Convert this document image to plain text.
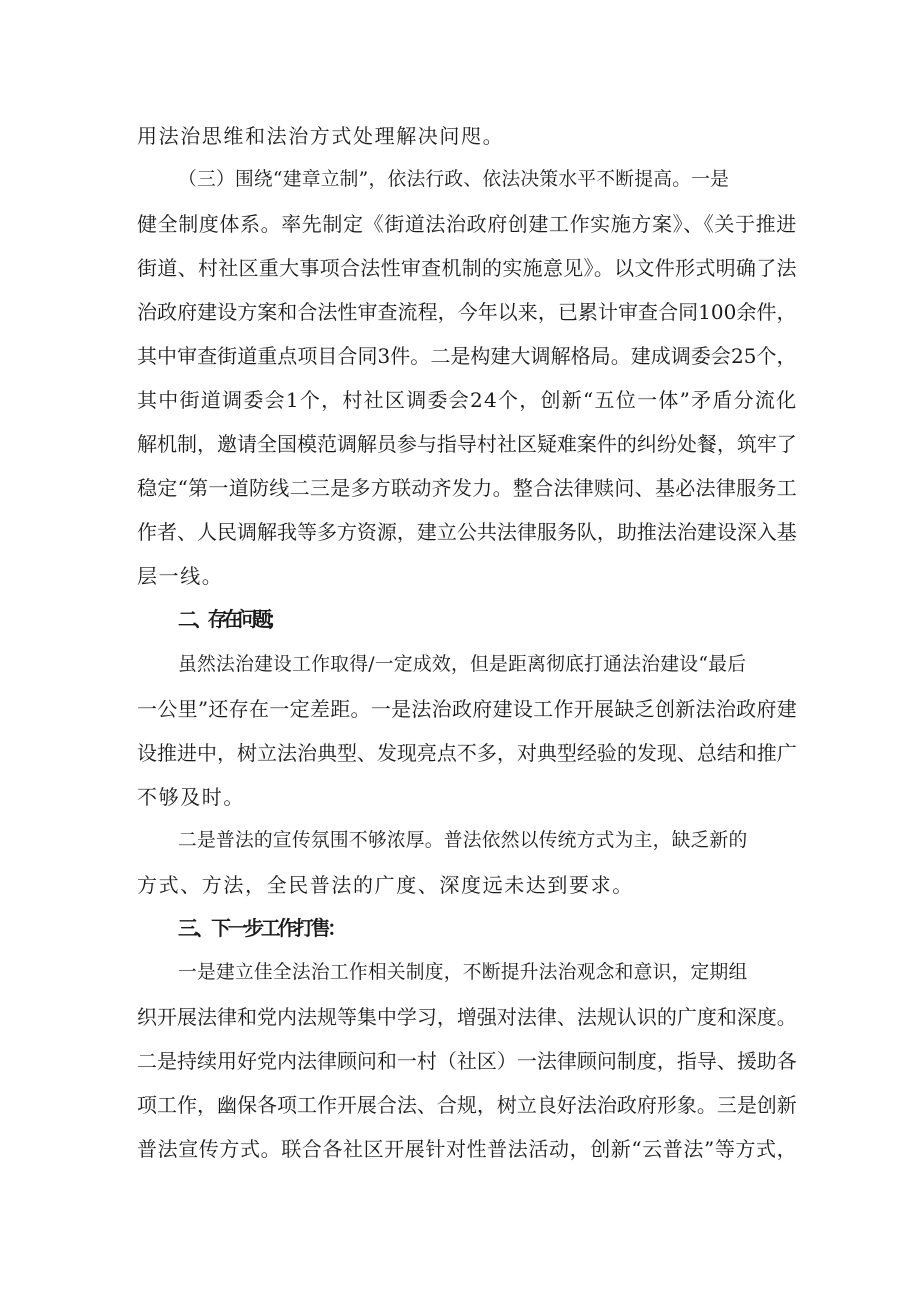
用法治思维和法治方式处理解决问咫。
（三）围绕“建章立制”，依法行政、依法决策水平不断提高。一是
健全制度体系。率先制定《街道法治政府创建工作实施方案》、《关于推进
街道、村社区重大事项合法性审查机制的实施意见》。以文件形式明确了法
治政府建设方案和合法性审查流程，今年以来，已累计审查合同100余件，
其中审查街道重点项目合同3件。二是构建大调解格局。建成调委会25个，
其中街道调委会1个，村社区调委会24个，创新“五位一体”矛盾分流化
解机制，邀请全国模范调解员参与指导村社区疑难案件的纠纷处餐，筑牢了
稳定“第一道防线二三是多方联动齐发力。整合法律赎问、基必法律服务工
作者、人民调解我等多方资源，建立公共法律服务队，助推法治建设深入基
层一线。
二、存在问题；
虽然法治建设工作取得/一定成效，但是距离彻底打通法治建设“最后
一公里”还存在一定差距。一是法治政府建设工作开展缺乏创新法治政府建
设推进中，树立法治典型、发现亮点不多，对典型经验的发现、总结和推广
不够及时。
二是普法的宣传氛围不够浓厚。普法依然以传统方式为主，缺乏新的
方式、方法，全民普法的广度、深度远未达到要求。
三、下一步工作打售：
一是建立佳全法治工作相关制度，不断提升法治观念和意识，定期组
织开展法律和党内法规等集中学习，增强对法律、法规认识的广度和深度。
二是持续用好党内法律顾问和一村（社区）一法律顾问制度，指导、援助各
项工作，幽保各项工作开展合法、合规，树立良好法治政府形象。三是创新
普法宣传方式。联合各社区开展针对性普法活动，创新“云普法”等方式，
